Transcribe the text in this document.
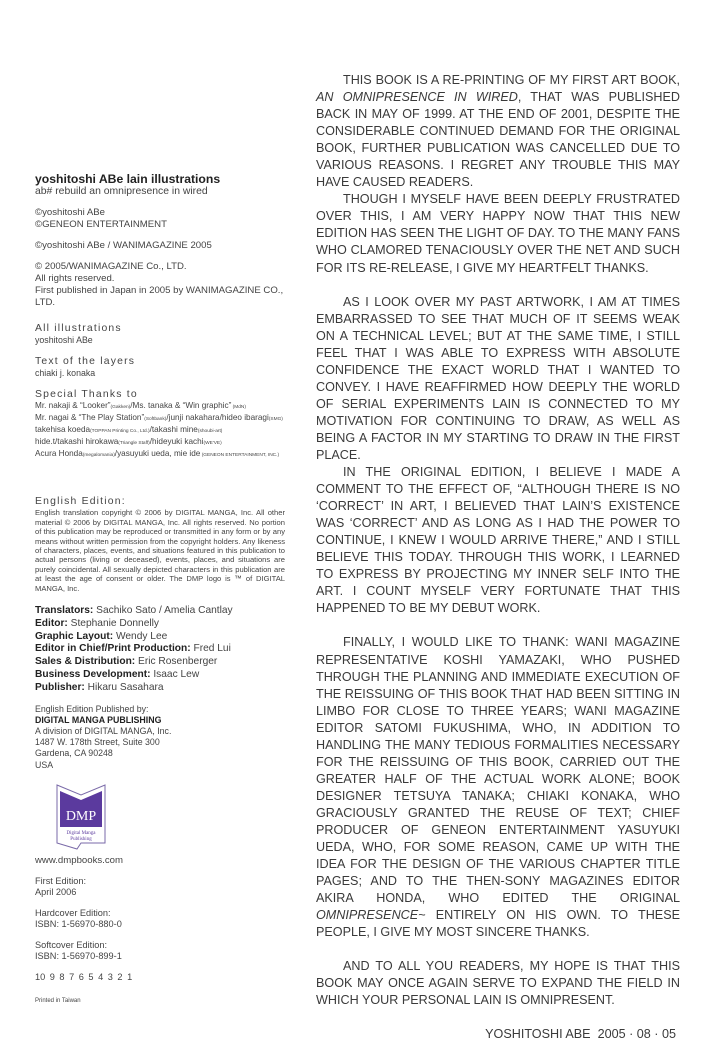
yoshitoshi ABe lain illustrations

ab# rebuild an omnipresence in wired

©yoshitoshi ABe

©GENEON ENTERTAINMENT

©yoshitoshi ABe / WANIMAGAZINE 2005

© 2005/WANIMAGAZINE Co., LTD.

All rights reserved.

First published in Japan in 2005 by WANIMAGAZINE CO., LTD.

All illustrations

yoshitoshi ABe

Text of the layers

chiaki j. konaka

Special Thanks to

Mr. nakaji & “Looker”(Gakken)/Ms. tanaka & “Win graphic” (MdN)

Mr. nagai & “The Play Station”(Softbank)/junji nakahara/hideo ibaragi(SMG)

takehisa koeda(TOPPAN Printing Co., Ltd.)/takashi mine(shoubi-art)

hide.t/takashi hirokawa(Triangle Staff)/hideyuki kachi(WE'VE)

Acura Honda(megalomania)/yasuyuki ueda, mie ide (GENEON ENTERTAINMENT, INC.)

English Edition:

English translation copyright © 2006 by DIGITAL MANGA, Inc. All other material © 2006 by DIGITAL MANGA, Inc. All rights reserved. No portion of this publication may be reproduced or transmitted in any form or by any means without written permission from the copyright holders. Any likeness of characters, places, events, and situations featured in this publication to actual persons (living or deceased), events, places, and situations are purely coincidental. All sexually depicted characters in this publication are at least the age of consent or older. The DMP logo is ™ of DIGITAL MANGA, Inc.

Translators: Sachiko Sato / Amelia Cantlay

Editor: Stephanie Donnelly

Graphic Layout: Wendy Lee

Editor in Chief/Print Production: Fred Lui

Sales & Distribution: Eric Rosenberger

Business Development: Isaac Lew

Publisher: Hikaru Sasahara

English Edition Published by:

DIGITAL MANGA PUBLISHING

A division of DIGITAL MANGA, Inc.

1487 W. 178th Street, Suite 300

Gardena, CA 90248

USA

DMP
Digital Manga
Publishing

www.dmpbooks.com

First Edition:

April 2006

Hardcover Edition:

ISBN: 1-56970-880-0

Softcover Edition:

ISBN: 1-56970-899-1

10 9 8 7 6 5 4 3 2 1

Printed in Taiwan

THIS BOOK IS A RE-PRINTING OF MY FIRST ART BOOK, AN OMNIPRESENCE IN WIRED, THAT WAS PUBLISHED BACK IN MAY OF 1999. AT THE END OF 2001, DESPITE THE CONSIDERABLE CONTINUED DEMAND FOR THE ORIGINAL BOOK, FURTHER PUBLICATION WAS CANCELLED DUE TO VARIOUS REASONS. I REGRET ANY TROUBLE THIS MAY HAVE CAUSED READERS.

THOUGH I MYSELF HAVE BEEN DEEPLY FRUSTRATED OVER THIS, I AM VERY HAPPY NOW THAT THIS NEW EDITION HAS SEEN THE LIGHT OF DAY. TO THE MANY FANS WHO CLAMORED TENACIOUSLY OVER THE NET AND SUCH FOR ITS RE-RELEASE, I GIVE MY HEARTFELT THANKS.

AS I LOOK OVER MY PAST ARTWORK, I AM AT TIMES EMBARRASSED TO SEE THAT MUCH OF IT SEEMS WEAK ON A TECHNICAL LEVEL; BUT AT THE SAME TIME, I STILL FEEL THAT I WAS ABLE TO EXPRESS WITH ABSOLUTE CONFIDENCE THE EXACT WORLD THAT I WANTED TO CONVEY. I HAVE REAFFIRMED HOW DEEPLY THE WORLD OF SERIAL EXPERIMENTS LAIN IS CONNECTED TO MY MOTIVATION FOR CONTINUING TO DRAW, AS WELL AS BEING A FACTOR IN MY STARTING TO DRAW IN THE FIRST PLACE.

IN THE ORIGINAL EDITION, I BELIEVE I MADE A COMMENT TO THE EFFECT OF, “ALTHOUGH THERE IS NO ‘CORRECT’ IN ART, I BELIEVED THAT LAIN’S EXISTENCE WAS ‘CORRECT’ AND AS LONG AS I HAD THE POWER TO CONTINUE, I KNEW I WOULD ARRIVE THERE,” AND I STILL BELIEVE THIS TODAY. THROUGH THIS WORK, I LEARNED TO EXPRESS BY PROJECTING MY INNER SELF INTO THE ART. I COUNT MYSELF VERY FORTUNATE THAT THIS HAPPENED TO BE MY DEBUT WORK.

FINALLY, I WOULD LIKE TO THANK: WANI MAGAZINE REPRESENTATIVE KOSHI YAMAZAKI, WHO PUSHED THROUGH THE PLANNING AND IMMEDIATE EXECUTION OF THE REISSUING OF THIS BOOK THAT HAD BEEN SITTING IN LIMBO FOR CLOSE TO THREE YEARS; WANI MAGAZINE EDITOR SATOMI FUKUSHIMA, WHO, IN ADDITION TO HANDLING THE MANY TEDIOUS FORMALITIES NECESSARY FOR THE REISSUING OF THIS BOOK, CARRIED OUT THE GREATER HALF OF THE ACTUAL WORK ALONE; BOOK DESIGNER TETSUYA TANAKA; CHIAKI KONAKA, WHO GRACIOUSLY GRANTED THE REUSE OF TEXT; CHIEF PRODUCER OF GENEON ENTERTAINMENT YASUYUKI UEDA, WHO, FOR SOME REASON, CAME UP WITH THE IDEA FOR THE DESIGN OF THE VARIOUS CHAPTER TITLE PAGES; AND TO THE THEN-SONY MAGAZINES EDITOR AKIRA HONDA, WHO EDITED THE ORIGINAL OMNIPRESENCE~ ENTIRELY ON HIS OWN. TO THESE PEOPLE, I GIVE MY MOST SINCERE THANKS.

AND TO ALL YOU READERS, MY HOPE IS THAT THIS BOOK MAY ONCE AGAIN SERVE TO EXPAND THE FIELD IN WHICH YOUR PERSONAL LAIN IS OMNIPRESENT.

YOSHITOSHI ABE  2005 · 08 · 05
